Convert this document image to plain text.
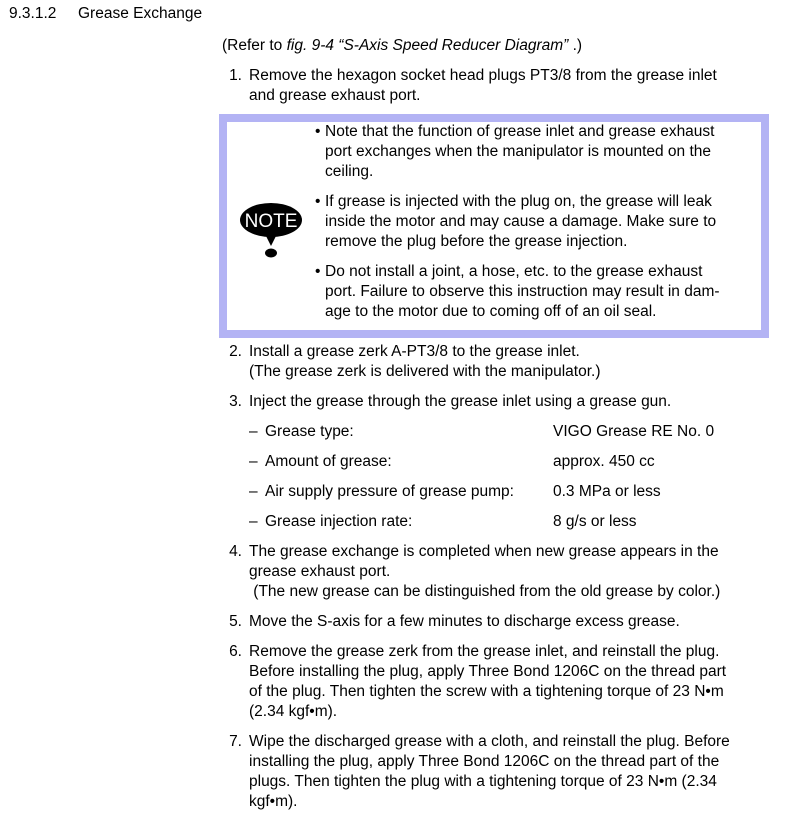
9.3.1.2 Grease Exchange
(Refer to fig. 9-4 “S-Axis Speed Reducer Diagram” .)
1. Remove the hexagon socket head plugs PT3/8 from the grease inlet
and grease exhaust port.
NOTE
• Note that the function of grease inlet and grease exhaust
port exchanges when the manipulator is mounted on the
ceiling.
• If grease is injected with the plug on, the grease will leak
inside the motor and may cause a damage. Make sure to
remove the plug before the grease injection.
• Do not install a joint, a hose, etc. to the grease exhaust
port. Failure to observe this instruction may result in dam-
age to the motor due to coming off of an oil seal.
2. Install a grease zerk A-PT3/8 to the grease inlet.
(The grease zerk is delivered with the manipulator.)
3. Inject the grease through the grease inlet using a grease gun.
– Grease type:	VIGO Grease RE No. 0
– Amount of grease:	approx. 450 cc
– Air supply pressure of grease pump:	0.3 MPa or less
– Grease injection rate:	8 g/s or less
4. The grease exchange is completed when new grease appears in the
grease exhaust port.
(The new grease can be distinguished from the old grease by color.)
5. Move the S-axis for a few minutes to discharge excess grease.
6. Remove the grease zerk from the grease inlet, and reinstall the plug.
Before installing the plug, apply Three Bond 1206C on the thread part
of the plug. Then tighten the screw with a tightening torque of 23 N•m
(2.34 kgf•m).
7. Wipe the discharged grease with a cloth, and reinstall the plug. Before
installing the plug, apply Three Bond 1206C on the thread part of the
plugs. Then tighten the plug with a tightening torque of 23 N•m (2.34
kgf•m).
